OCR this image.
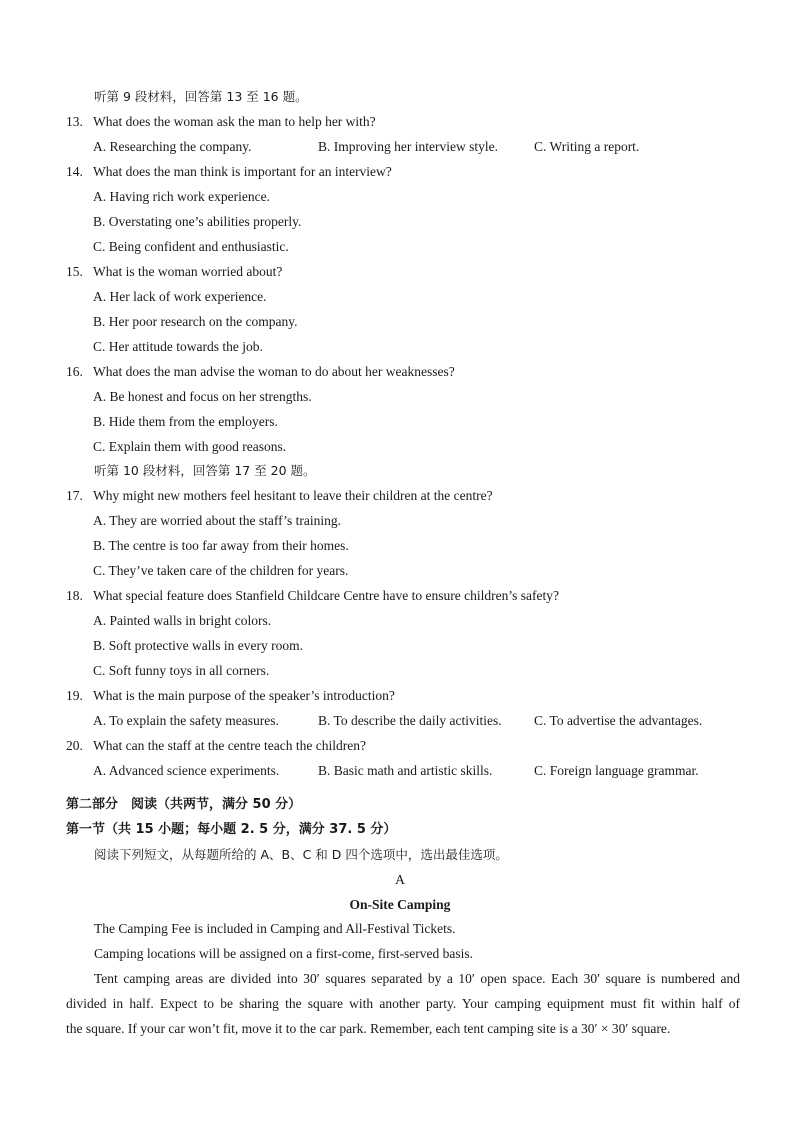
听第 9 段材料，回答第 13 至 16 题。
13. What does the woman ask the man to help her with?
A. Researching the company.	B. Improving her interview style.	C. Writing a report.
14. What does the man think is important for an interview?
A. Having rich work experience.
B. Overstating one’s abilities properly.
C. Being confident and enthusiastic.
15. What is the woman worried about?
A. Her lack of work experience.
B. Her poor research on the company.
C. Her attitude towards the job.
16. What does the man advise the woman to do about her weaknesses?
A. Be honest and focus on her strengths.
B. Hide them from the employers.
C. Explain them with good reasons.
听第 10 段材料，回答第 17 至 20 题。
17. Why might new mothers feel hesitant to leave their children at the centre?
A. They are worried about the staff’s training.
B. The centre is too far away from their homes.
C. They’ve taken care of the children for years.
18. What special feature does Stanfield Childcare Centre have to ensure children’s safety?
A. Painted walls in bright colors.
B. Soft protective walls in every room.
C. Soft funny toys in all corners.
19. What is the main purpose of the speaker’s introduction?
A. To explain the safety measures.	B. To describe the daily activities. C. To advertise the advantages.
20. What can the staff at the centre teach the children?
A. Advanced science experiments.	B. Basic math and artistic skills.	C. Foreign language grammar.
第二部分　阅读（共两节，满分 50 分）
第一节（共 15 小题；每小题 2. 5 分，满分 37. 5 分）
阅读下列短文，从每题所给的 A、B、C 和 D 四个选项中，选出最佳选项。
A
On-Site Camping
The Camping Fee is included in Camping and All-Festival Tickets.
Camping locations will be assigned on a first-come, first-served basis.
Tent camping areas are divided into 30′ squares separated by a 10′ open space. Each 30′ square is numbered and
divided in half. Expect to be sharing the square with another party. Your camping equipment must fit within half of
the square. If your car won’t fit, move it to the car park. Remember, each tent camping site is a 30′ × 30′ square.
